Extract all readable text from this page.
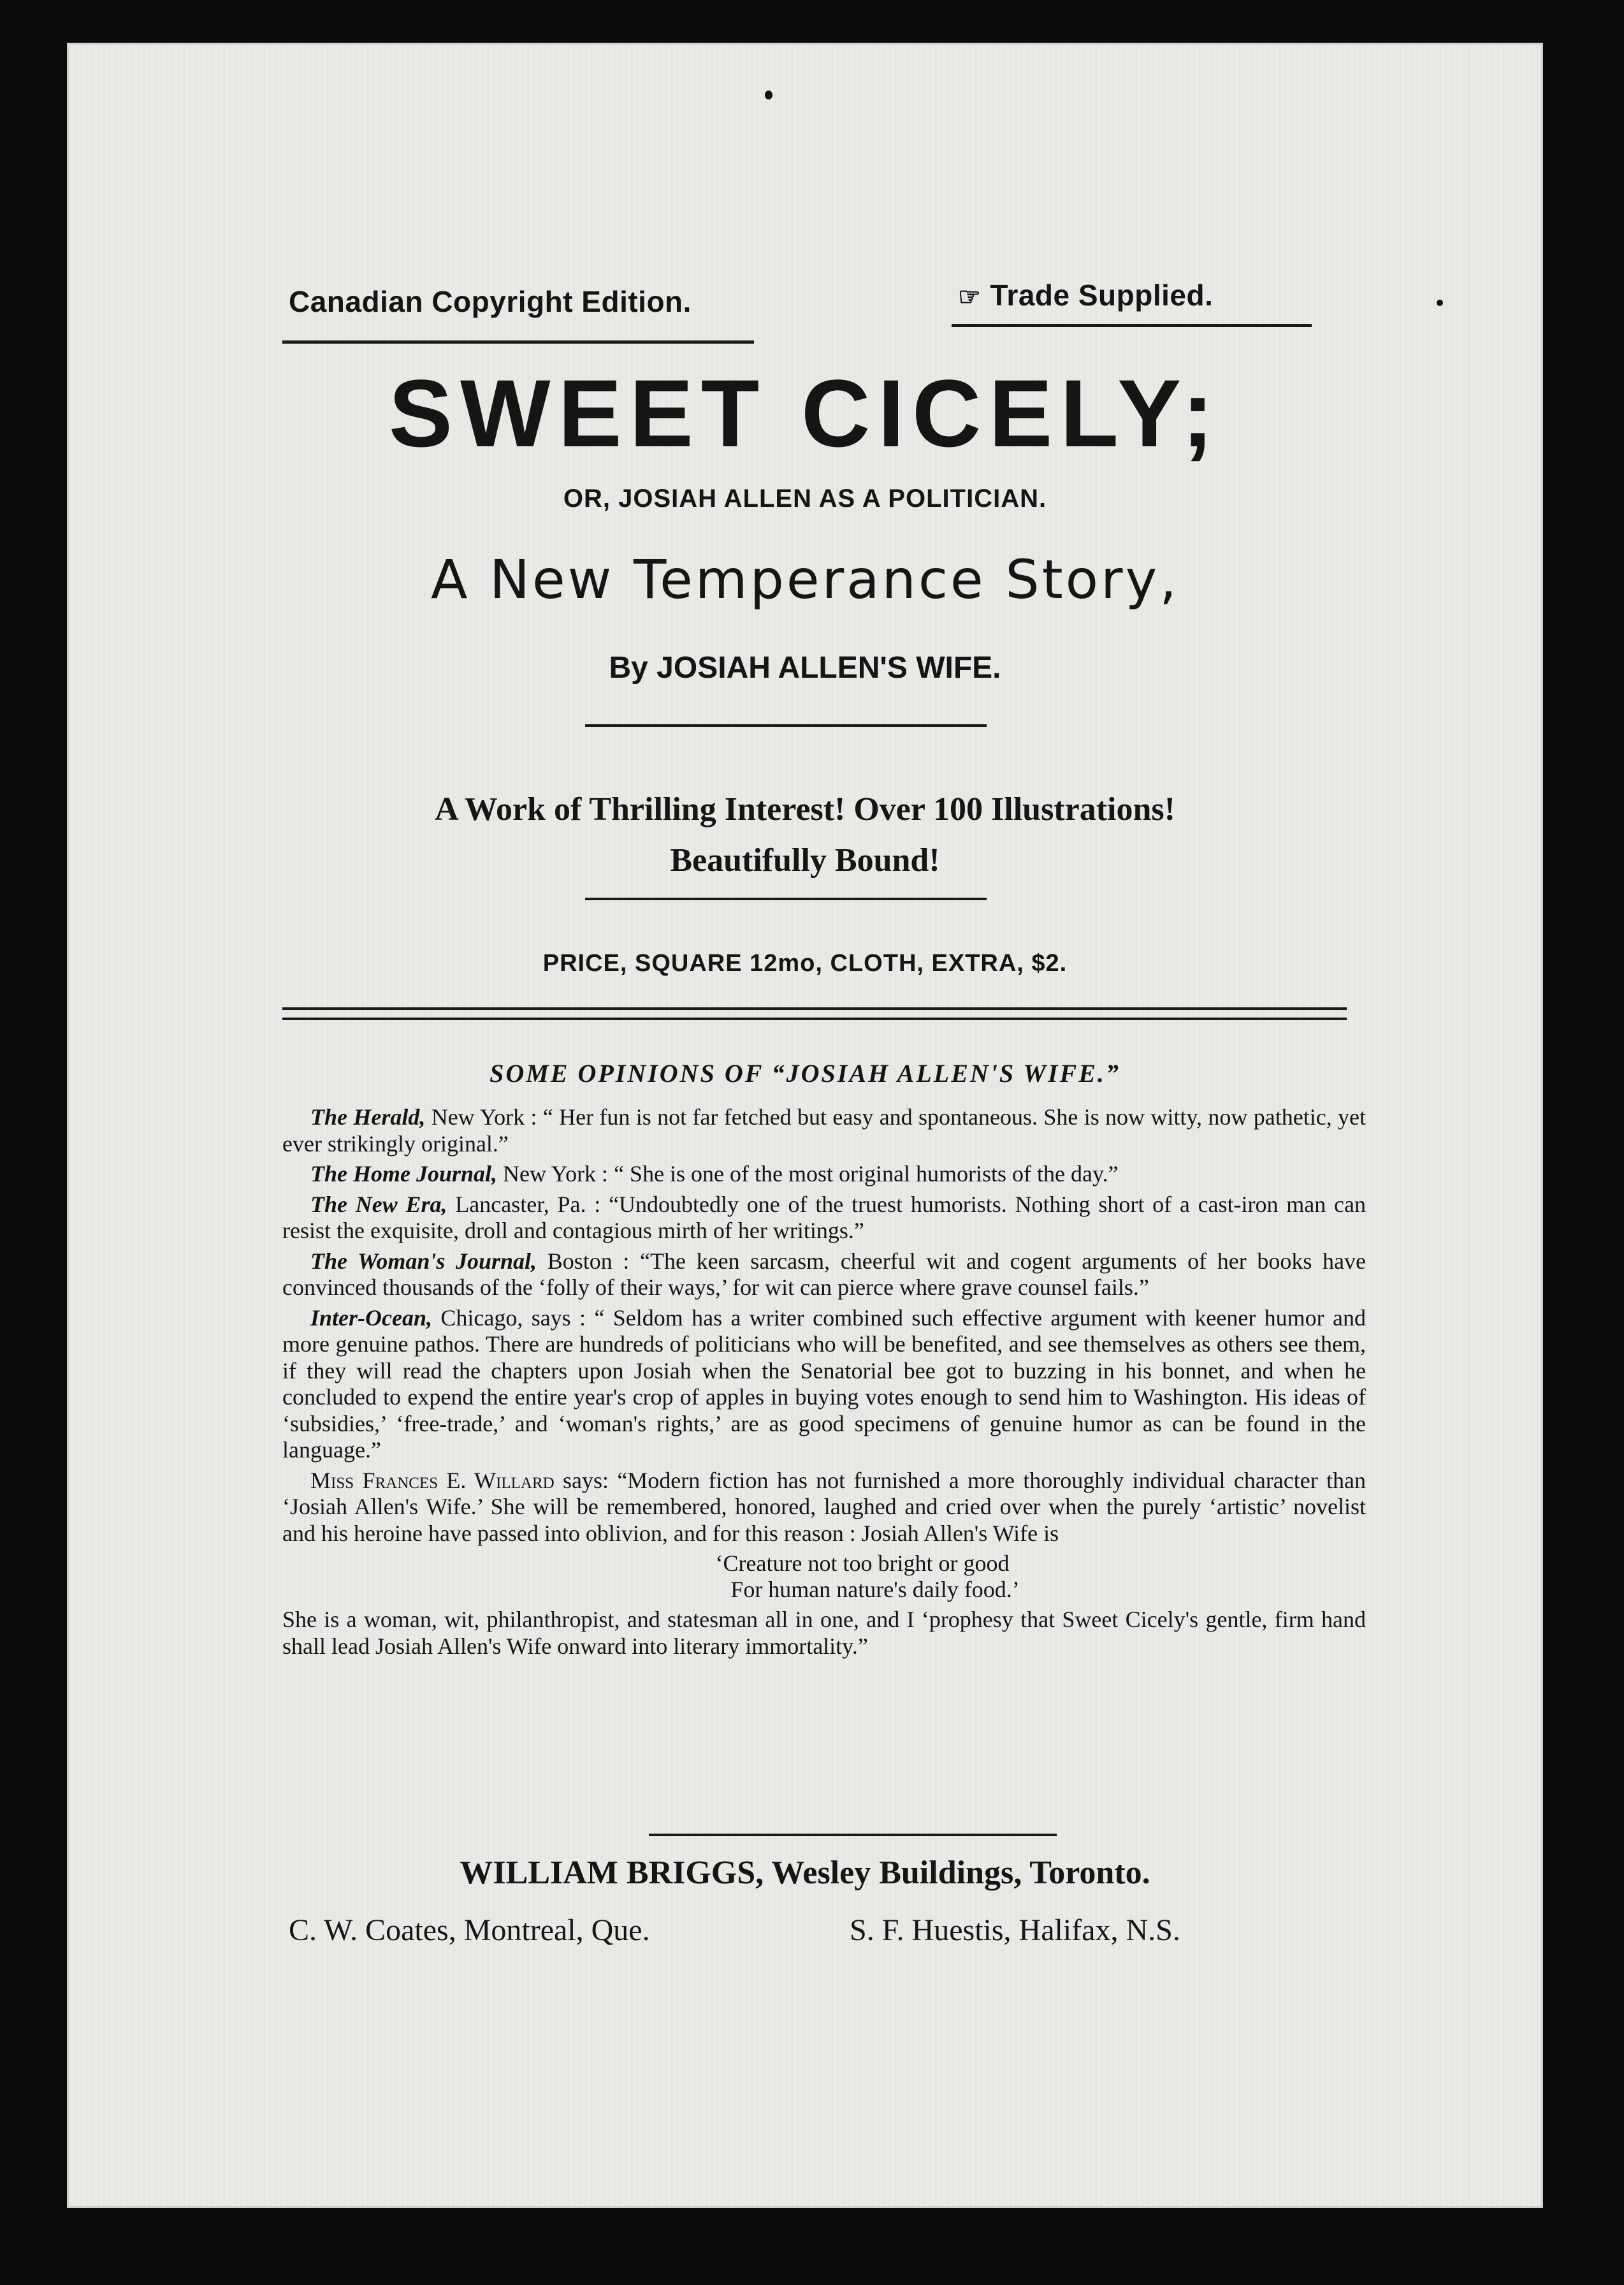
Canadian Copyright Edition.	☞ Trade Supplied.
SWEET CICELY;
OR, JOSIAH ALLEN AS A POLITICIAN.
A New Temperance Story,
By JOSIAH ALLEN'S WIFE.
A Work of Thrilling Interest! Over 100 Illustrations!
Beautifully Bound!
PRICE, SQUARE 12mo, CLOTH, EXTRA, $2.
SOME OPINIONS OF “JOSIAH ALLEN'S WIFE.”

The Herald, New York : “ Her fun is not far fetched but easy and spontaneous. She is now witty, now pathetic, yet ever strikingly original.”

The Home Journal, New York : “ She is one of the most original humorists of the day.”

The New Era, Lancaster, Pa. : “Undoubtedly one of the truest humorists. Nothing short of a cast-iron man can resist the exquisite, droll and contagious mirth of her writings.”

The Woman's Journal, Boston : “The keen sarcasm, cheerful wit and cogent arguments of her books have convinced thousands of the ‘folly of their ways,’ for wit can pierce where grave counsel fails.”

Inter-Ocean, Chicago, says : “ Seldom has a writer combined such effective argument with keener humor and more genuine pathos. There are hundreds of politicians who will be benefited, and see themselves as others see them, if they will read the chapters upon Josiah when the Senatorial bee got to buzzing in his bonnet, and when he concluded to expend the entire year's crop of apples in buying votes enough to send him to Washington. His ideas of ‘subsidies,’ ‘free-trade,’ and ‘woman's rights,’ are as good specimens of genuine humor as can be found in the language.”

Miss Frances E. Willard says: “Modern fiction has not furnished a more thoroughly individual character than ‘Josiah Allen's Wife.’ She will be remembered, honored, laughed and cried over when the purely ‘artistic’ novelist and his heroine have passed into oblivion, and for this reason : Josiah Allen's Wife is

‘Creature not too bright or good
For human nature's daily food.’

She is a woman, wit, philanthropist, and statesman all in one, and I ‘prophesy that Sweet Cicely's gentle, firm hand shall lead Josiah Allen's Wife onward into literary immortality.”

WILLIAM BRIGGS, Wesley Buildings, Toronto.
C. W. Coates, Montreal, Que.	S. F. Huestis, Halifax, N.S.
